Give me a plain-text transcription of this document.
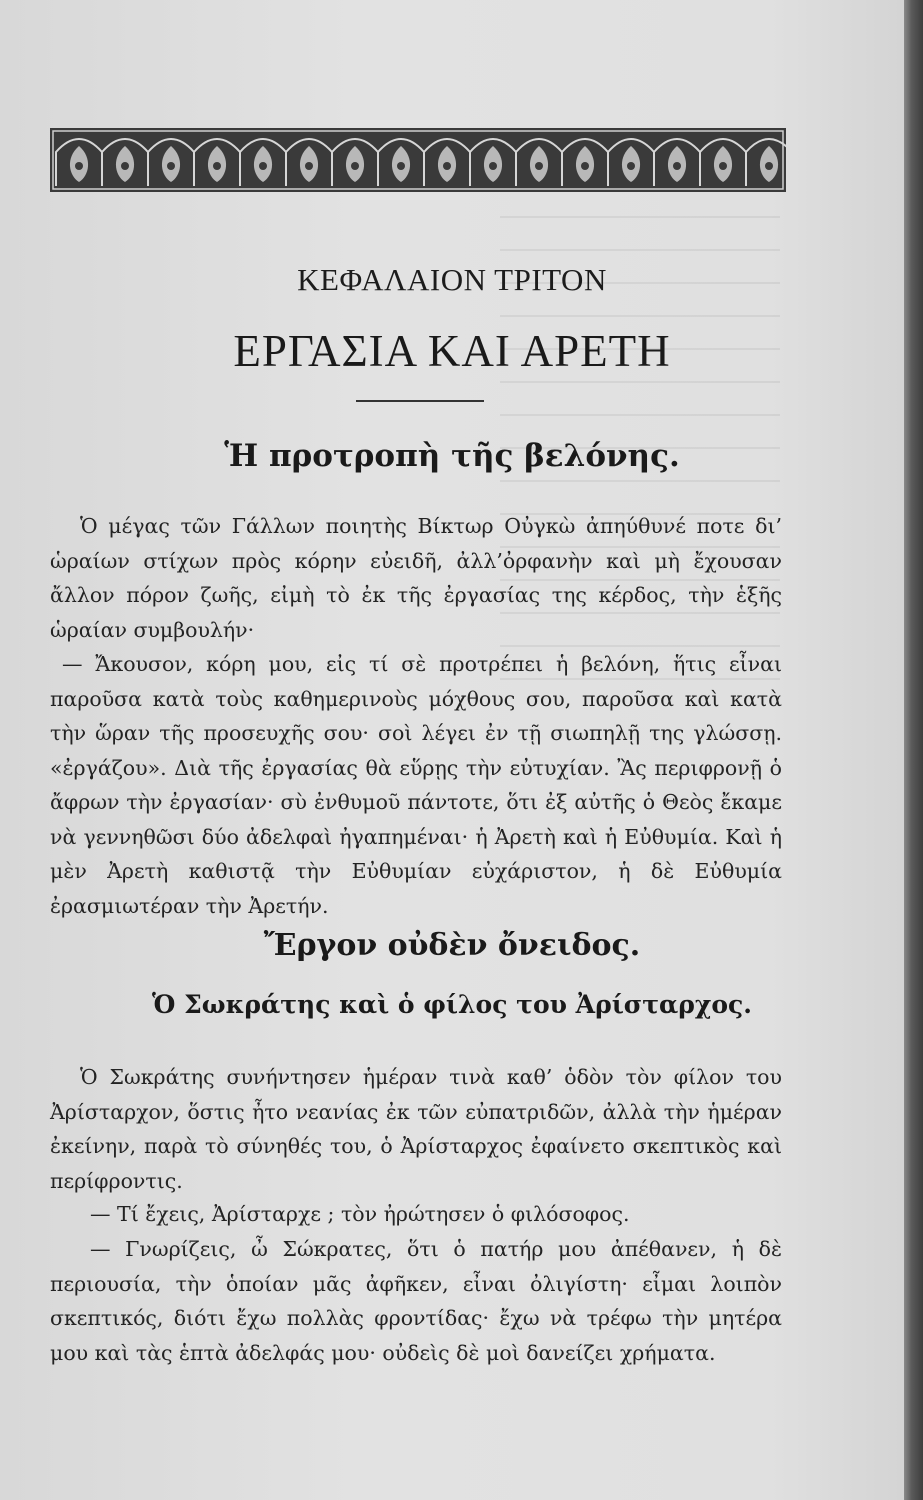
ΚΕΦΑΛΑΙΟΝ ΤΡΙΤΟΝ
ΕΡΓΑΣΙΑ ΚΑΙ ΑΡΕΤΗ
Ἡ προτροπὴ τῆς βελόνης.

Ὁ μέγας τῶν Γάλλων ποιητὴς Βίκτωρ Οὐγκὼ ἀπηύθυνέ ποτε δι’ ὡραίων στίχων πρὸς κόρην εὐειδῆ, ἀλλ’ὀρφανὴν καὶ μὴ ἔχουσαν ἄλλον πόρον ζωῆς, εἰμὴ τὸ ἐκ τῆς ἐργασίας της κέρδος, τὴν ἑξῆς ὡραίαν συμβουλήν·

— Ἄκουσον, κόρη μου, εἰς τί σὲ προτρέπει ἡ βελόνη, ἥτις εἶναι παροῦσα κατὰ τοὺς καθημερινοὺς μόχθους σου, παροῦσα καὶ κατὰ τὴν ὥραν τῆς προσευχῆς σου· σοὶ λέγει ἐν τῇ σιωπηλῇ της γλώσσῃ. «ἐργάζου». Διὰ τῆς ἐργασίας θὰ εὕρῃς τὴν εὐτυχίαν. Ἂς περιφρονῇ ὁ ἄφρων τὴν ἐργασίαν· σὺ ἐνθυμοῦ πάντοτε, ὅτι ἐξ αὐτῆς ὁ Θεὸς ἔκαμε νὰ γεννηθῶσι δύο ἀδελφαὶ ἠγαπημέναι· ἡ Ἀρετὴ καὶ ἡ Εὐθυμία. Καὶ ἡ μὲν Ἀρετὴ καθιστᾷ τὴν Εὐθυμίαν εὐχάριστον, ἡ δὲ Εὐθυμία ἐρασμιωτέραν τὴν Ἀρετήν.

Ἔργον οὐδὲν ὄνειδος.
Ὁ Σωκράτης καὶ ὁ φίλος του Ἀρίσταρχος.

Ὁ Σωκράτης συνήντησεν ἡμέραν τινὰ καθ’ ὁδὸν τὸν φίλον του Ἀρίσταρχον, ὅστις ἦτο νεανίας ἐκ τῶν εὐπατριδῶν, ἀλλὰ τὴν ἡμέραν ἐκείνην, παρὰ τὸ σύνηθές του, ὁ Ἀρίσταρχος ἐφαίνετο σκεπτικὸς καὶ περίφροντις.

— Τί ἔχεις, Ἀρίσταρχε ; τὸν ἠρώτησεν ὁ φιλόσοφος.

— Γνωρίζεις, ὦ Σώκρατες, ὅτι ὁ πατήρ μου ἀπέθανεν, ἡ δὲ περιουσία, τὴν ὁποίαν μᾶς ἀφῆκεν, εἶναι ὀλιγίστη· εἶμαι λοιπὸν σκεπτικός, διότι ἔχω πολλὰς φροντίδας· ἔχω νὰ τρέφω τὴν μητέρα μου καὶ τὰς ἑπτὰ ἀδελφάς μου· οὐδεὶς δὲ μοὶ δανείζει χρήματα.
